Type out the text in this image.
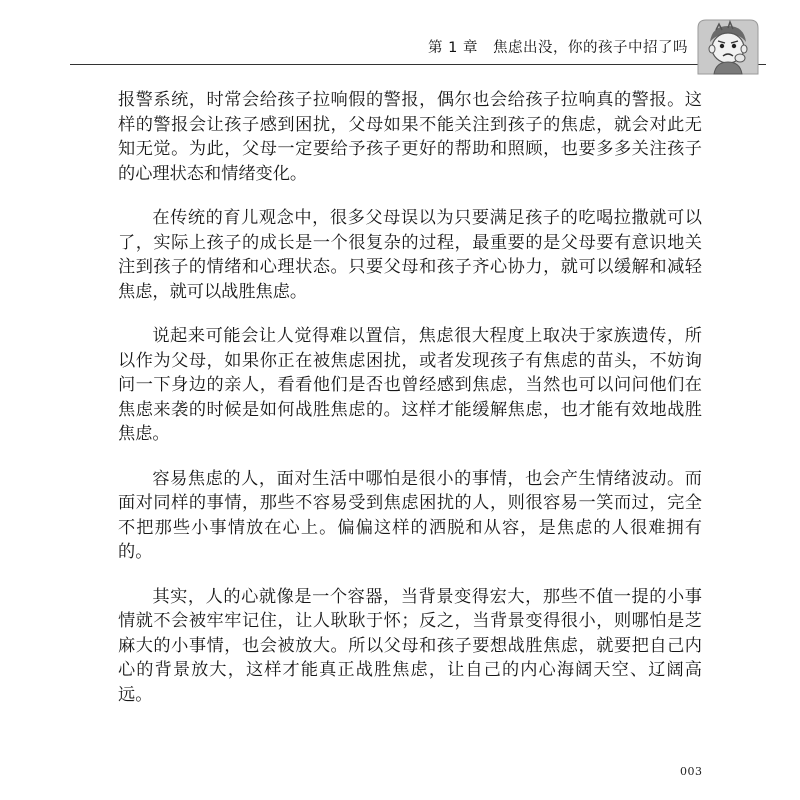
第 1 章　焦虑出没，你的孩子中招了吗

报警系统，时常会给孩子拉响假的警报，偶尔也会给孩子拉响真的警报。这样的警报会让孩子感到困扰，父母如果不能关注到孩子的焦虑，就会对此无知无觉。为此，父母一定要给予孩子更好的帮助和照顾，也要多多关注孩子的心理状态和情绪变化。

在传统的育儿观念中，很多父母误以为只要满足孩子的吃喝拉撒就可以了，实际上孩子的成长是一个很复杂的过程，最重要的是父母要有意识地关注到孩子的情绪和心理状态。只要父母和孩子齐心协力，就可以缓解和减轻焦虑，就可以战胜焦虑。

说起来可能会让人觉得难以置信，焦虑很大程度上取决于家族遗传，所以作为父母，如果你正在被焦虑困扰，或者发现孩子有焦虑的苗头，不妨询问一下身边的亲人，看看他们是否也曾经感到焦虑，当然也可以问问他们在焦虑来袭的时候是如何战胜焦虑的。这样才能缓解焦虑，也才能有效地战胜焦虑。

容易焦虑的人，面对生活中哪怕是很小的事情，也会产生情绪波动。而面对同样的事情，那些不容易受到焦虑困扰的人，则很容易一笑而过，完全不把那些小事情放在心上。偏偏这样的洒脱和从容，是焦虑的人很难拥有的。

其实，人的心就像是一个容器，当背景变得宏大，那些不值一提的小事情就不会被牢牢记住，让人耿耿于怀；反之，当背景变得很小，则哪怕是芝麻大的小事情，也会被放大。所以父母和孩子要想战胜焦虑，就要把自己内心的背景放大，这样才能真正战胜焦虑，让自己的内心海阔天空、辽阔高远。

003
